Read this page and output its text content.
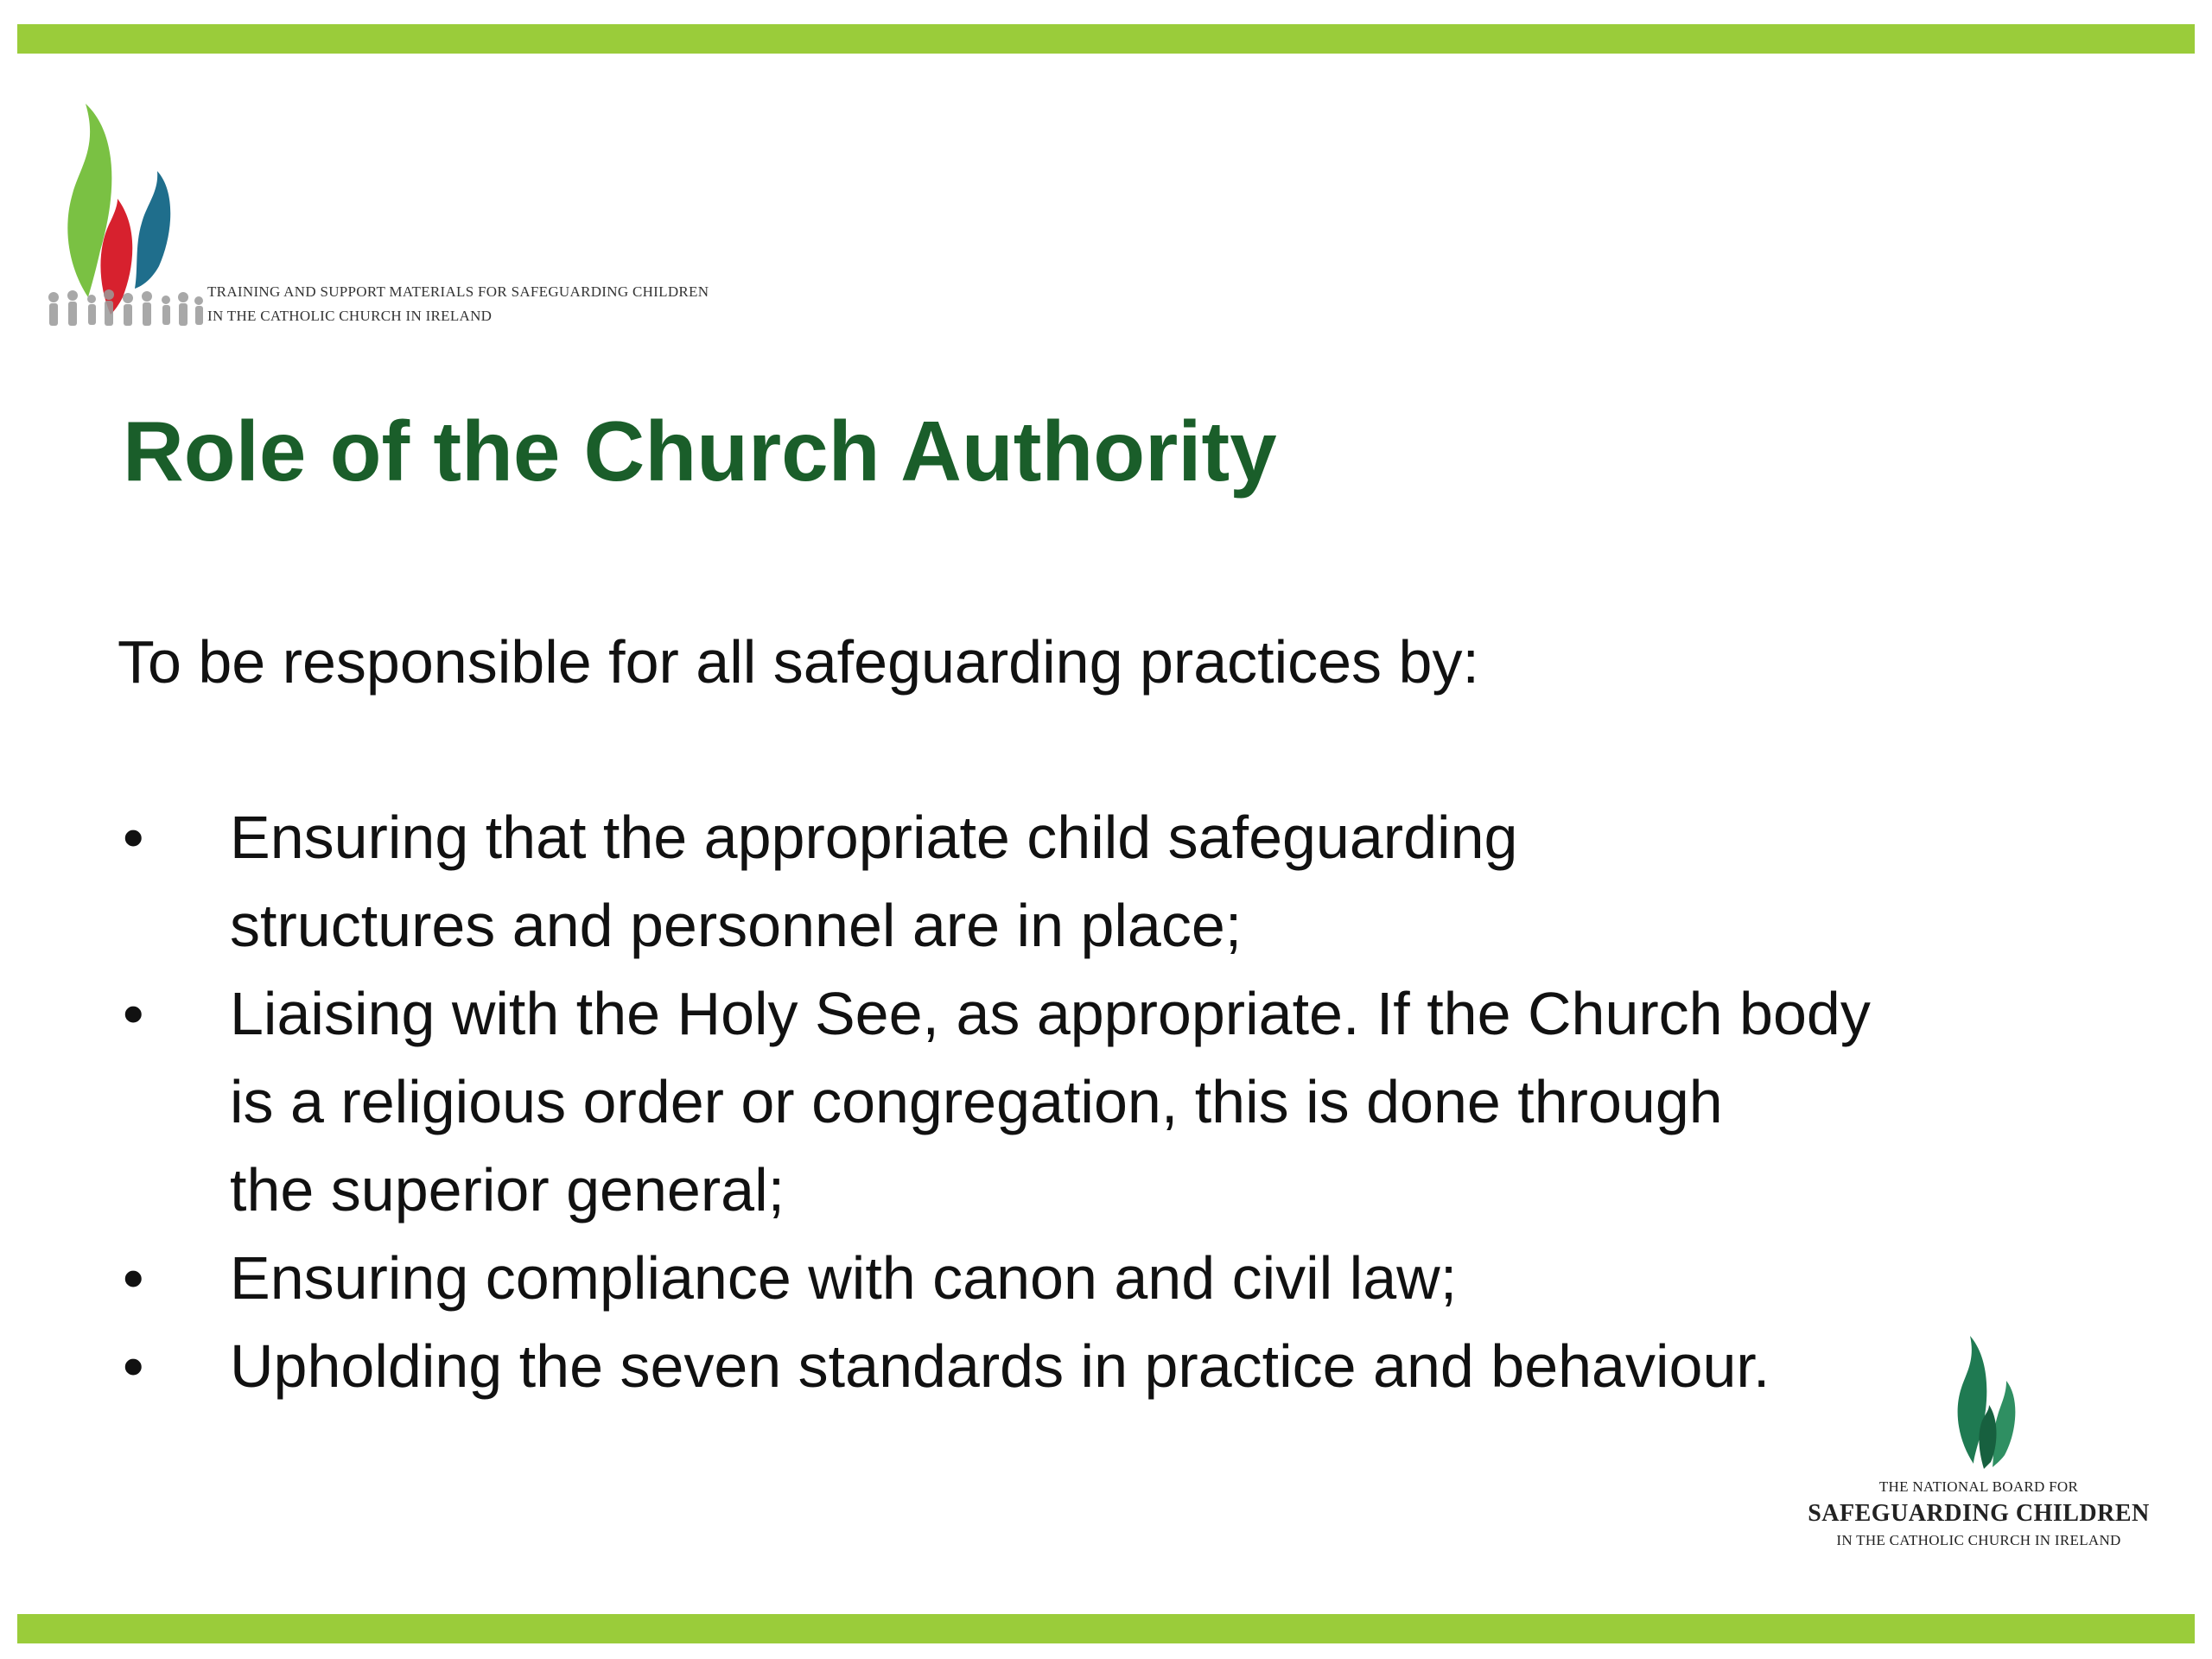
TRAINING AND SUPPORT MATERIALS FOR SAFEGUARDING CHILDREN
IN THE CATHOLIC CHURCH IN IRELAND
Role of the Church Authority
To be responsible for all safeguarding practices by:
• Ensuring that the appropriate child safeguarding
structures and personnel are in place;
• Liaising with the Holy See, as appropriate. If the Church body
is a religious order or congregation, this is done through
the superior general;
• Ensuring compliance with canon and civil law;
• Upholding the seven standards in practice and behaviour.
THE NATIONAL BOARD FOR
SAFEGUARDING CHILDREN
IN THE CATHOLIC CHURCH IN IRELAND
